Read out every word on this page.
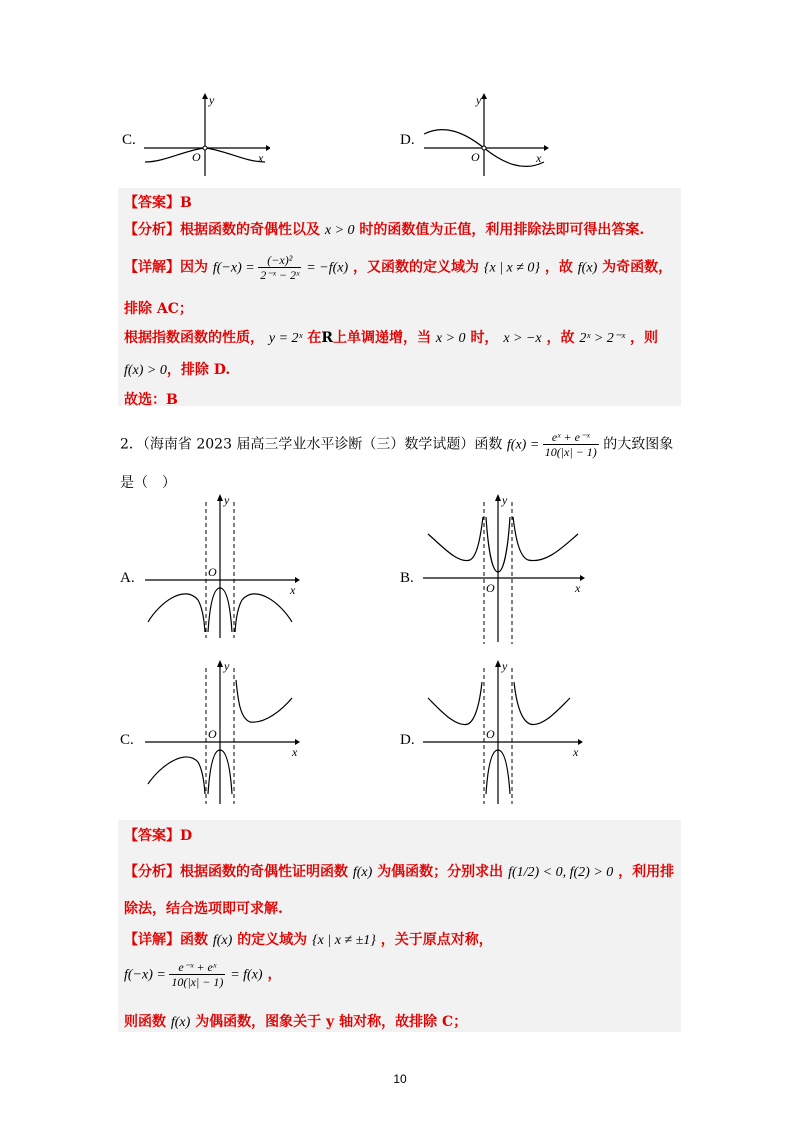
C.
y
x
O
D.
y
x
O
【答案】B
【分析】根据函数的奇偶性以及 x > 0 时的函数值为正值，利用排除法即可得出答案.
【详解】因为 $f(-x) = \frac{\text{(−x)²}}{\text{2⁻ˣ − 2ˣ}} = -f(x)$ ，又函数的定义域为 {x | x ≠ 0} ，故 f(x) 为奇函数，
排除 AC；
根据指数函数的性质， y = 2ˣ 在R上单调递增，当 x > 0 时， x > −x ，故 2ˣ > 2⁻ˣ ，则
f(x) > 0，排除 D.
故选：B
2．（海南省 2023 届高三学业水平诊断（三）数学试题）函数 $f(x) = \frac{\text{eˣ + e⁻ˣ}}{10(|x| - 1)}$ 的大致图象
是（　）
A.
y
x
O	B.
y
x
O
C.
y
x
O	D.
y
x
O
【答案】D
【分析】根据函数的奇偶性证明函数 f(x) 为偶函数；分别求出 f(1/2) < 0, f(2) > 0 ，利用排
除法，结合选项即可求解.
【详解】函数 f(x) 的定义域为 {x | x ≠ ±1} ，关于原点对称，
$f(-x) = \frac{\text{e⁻ˣ + eˣ}}{10(|x| - 1)} = f(x)$ ，
则函数 f(x) 为偶函数，图象关于 y 轴对称，故排除 C；
10
